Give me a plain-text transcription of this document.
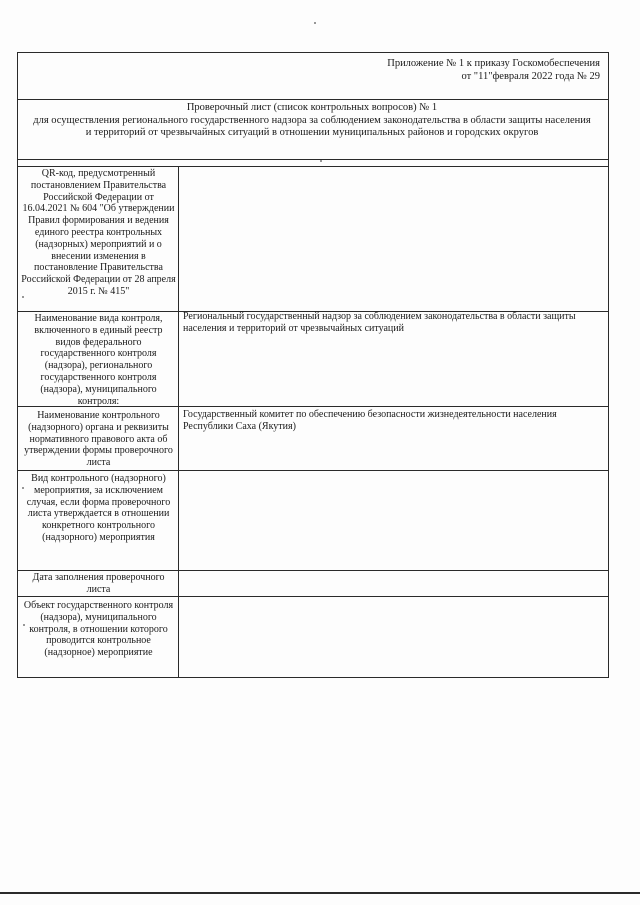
Приложение № 1 к приказу Госкомобеспечения
от "11"февраля 2022 года № 29
Проверочный лист (список контрольных вопросов) № 1
для осуществления регионального государственного надзора за соблюдением законодательства в области защиты населения
и территорий от чрезвычайных ситуаций в отношении муниципальных районов и городских округов
QR-код, предусмотренный постановлением Правительства Российской Федерации от 16.04.2021 № 604 "Об утверждении Правил формирования и ведения единого реестра контрольных (надзорных) мероприятий и о внесении изменения в постановление Правительства Российской Федерации от 28 апреля 2015 г. № 415"
Наименование вида контроля, включенного в единый реестр видов федерального государственного контроля (надзора), регионального государственного контроля (надзора), муниципального контроля:
Региональный государственный надзор за соблюдением законодательства в области защиты населения и территорий от чрезвычайных ситуаций
Наименование контрольного (надзорного) органа и реквизиты нормативного правового акта об утверждении формы проверочного листа
Государственный комитет по обеспечению безопасности жизнедеятельности населения Республики Саха (Якутия)
Вид контрольного (надзорного) мероприятия, за исключением случая, если форма проверочного листа утверждается в отношении конкретного контрольного (надзорного) мероприятия
Дата заполнения проверочного листа
Объект государственного контроля (надзора), муниципального контроля, в отношении которого проводится контрольное (надзорное) мероприятие
